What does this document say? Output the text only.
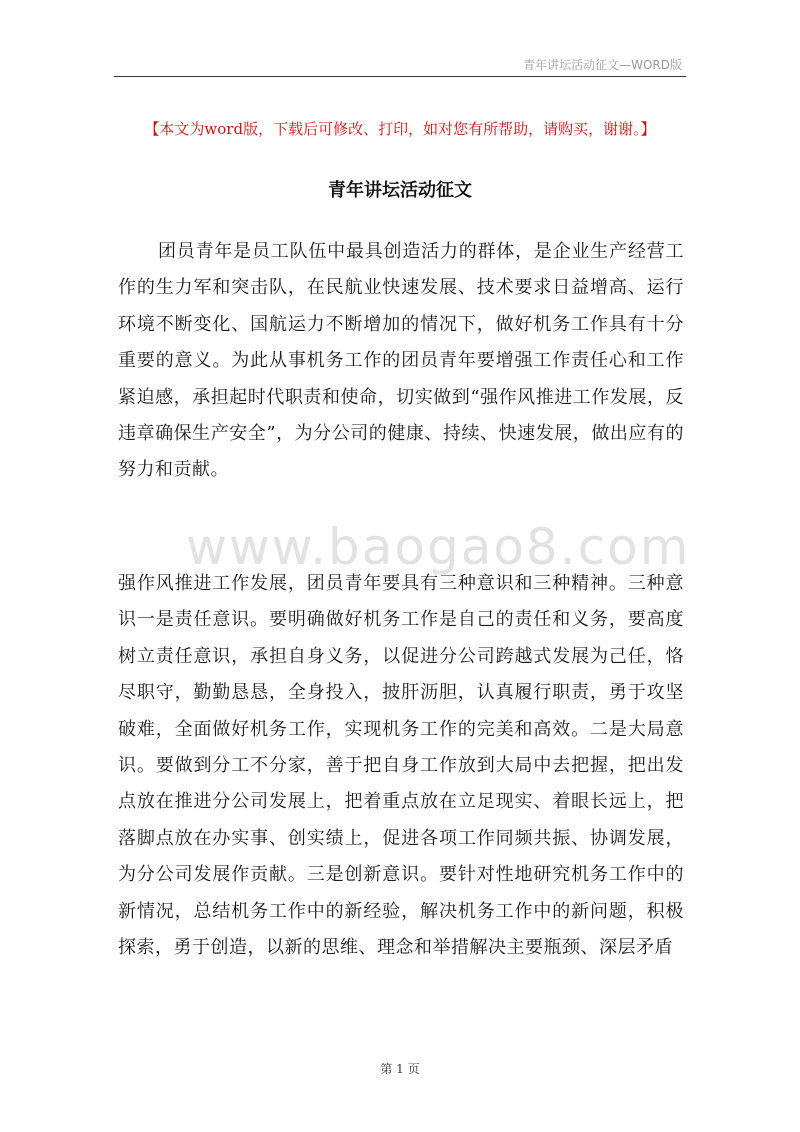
青年讲坛活动征文—WORD版
【本文为word版，下载后可修改、打印，如对您有所帮助，请购买，谢谢。】
青年讲坛活动征文

团员青年是员工队伍中最具创造活力的群体，是企业生产经营工作的生力军和突击队，在民航业快速发展、技术要求日益增高、运行环境不断变化、国航运力不断增加的情况下，做好机务工作具有十分重要的意义。为此从事机务工作的团员青年要增强工作责任心和工作紧迫感，承担起时代职责和使命，切实做到“强作风推进工作发展，反违章确保生产安全”，为分公司的健康、持续、快速发展，做出应有的努力和贡献。

www.baogao8.com

强作风推进工作发展，团员青年要具有三种意识和三种精神。三种意识一是责任意识。要明确做好机务工作是自己的责任和义务，要高度树立责任意识，承担自身义务，以促进分公司跨越式发展为己任，恪尽职守，勤勤恳恳，全身投入，披肝沥胆，认真履行职责，勇于攻坚破难，全面做好机务工作，实现机务工作的完美和高效。二是大局意识。要做到分工不分家，善于把自身工作放到大局中去把握，把出发点放在推进分公司发展上，把着重点放在立足现实、着眼长远上，把落脚点放在办实事、创实绩上，促进各项工作同频共振、协调发展，为分公司发展作贡献。三是创新意识。要针对性地研究机务工作中的新情况，总结机务工作中的新经验，解决机务工作中的新问题，积极探索，勇于创造，以新的思维、理念和举措解决主要瓶颈、深层矛盾

第 1 页
